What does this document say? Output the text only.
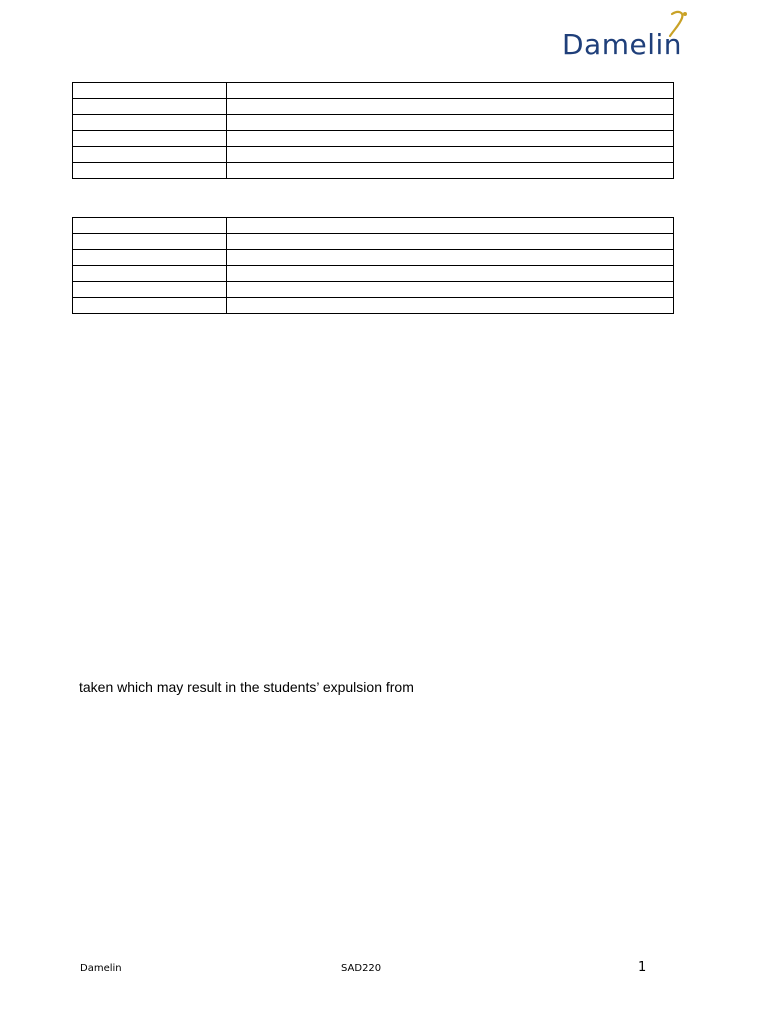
Damelin

taken which may result in the students’ expulsion from
Damelin	SAD220	1
